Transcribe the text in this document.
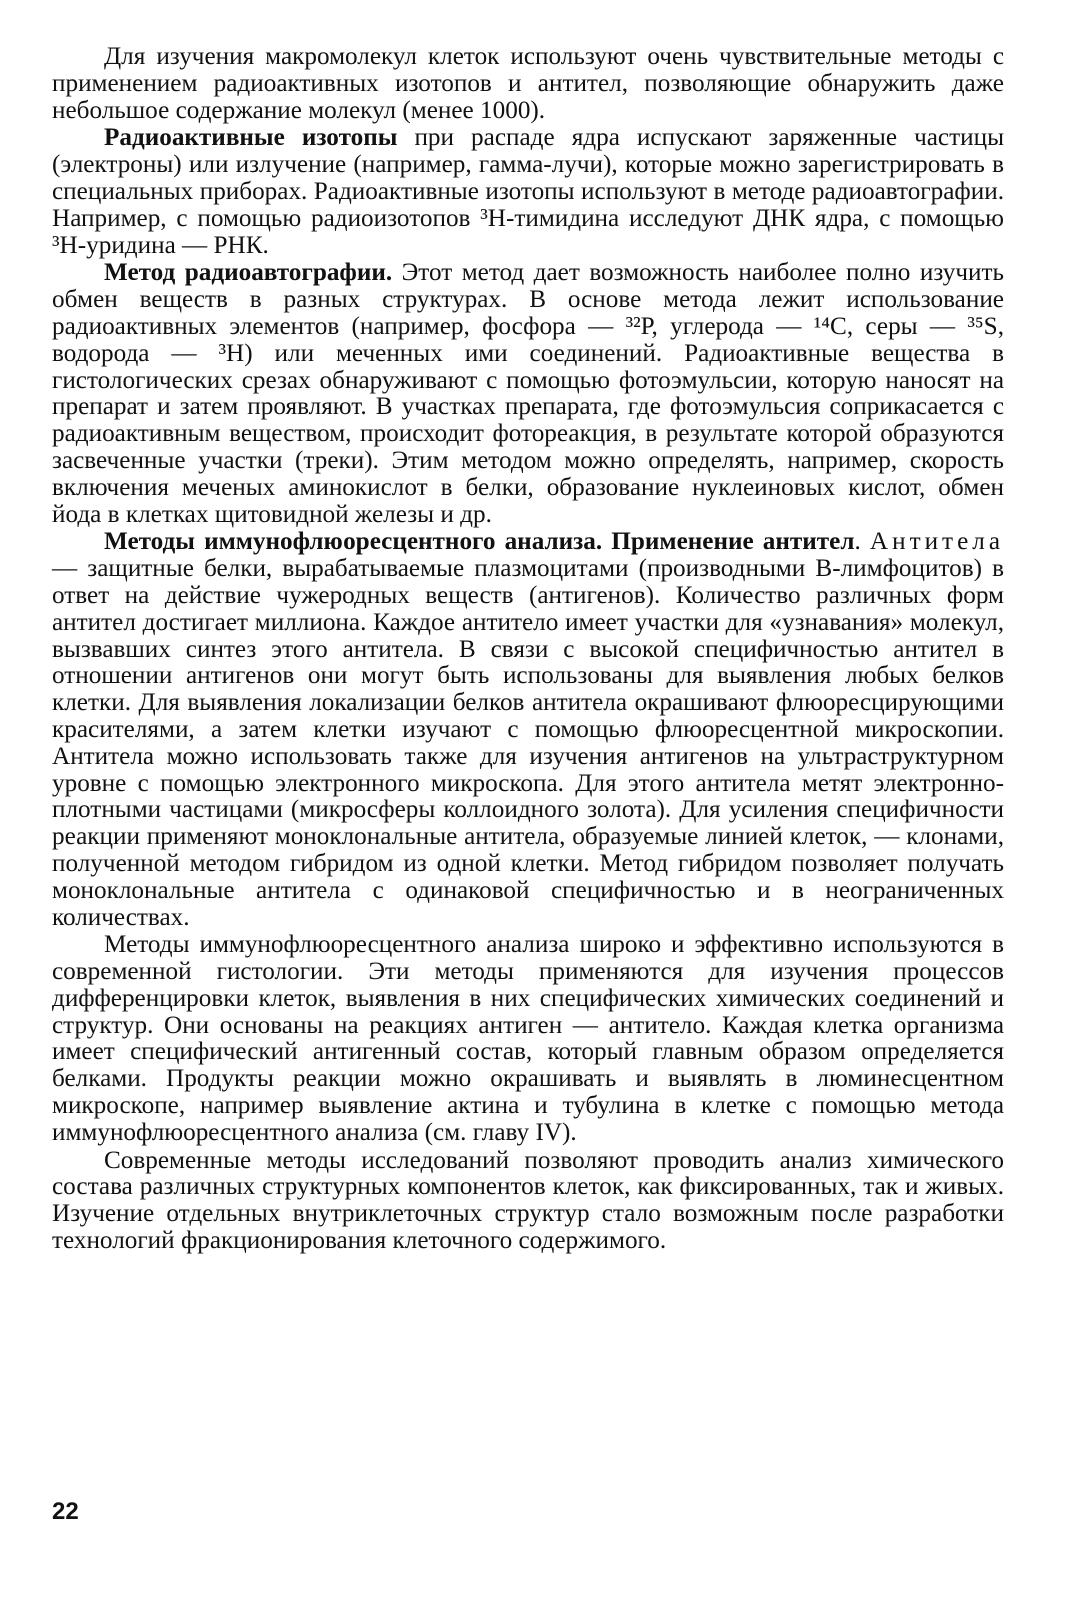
Для изучения макромолекул клеток используют очень чувствительные методы с применением радиоактивных изотопов и антител, позволяющие обнаружить даже небольшое содержание молекул (менее 1000).

Радиоактивные изотопы при распаде ядра испускают заряженные частицы (электроны) или излучение (например, гамма-лучи), которые можно зарегистрировать в специальных приборах. Радиоактивные изотопы используют в методе радиоавтографии. Например, с помощью радиоизотопов ³Н-тимидина исследуют ДНК ядра, с помощью ³Н-уридина — РНК.

Метод радиоавтографии. Этот метод дает возможность наиболее полно изучить обмен веществ в разных структурах. В основе метода лежит использование радиоактивных элементов (например, фосфора — ³²Р, углерода — ¹⁴С, серы — ³⁵S, водорода — ³Н) или меченных ими соединений. Радиоактивные вещества в гистологических срезах обнаруживают с помощью фотоэмульсии, которую наносят на препарат и затем проявляют. В участках препарата, где фотоэмульсия соприкасается с радиоактивным веществом, происходит фотореакция, в результате которой образуются засвеченные участки (треки). Этим методом можно определять, например, скорость включения меченых аминокислот в белки, образование нуклеиновых кислот, обмен йода в клетках щитовидной железы и др.

Методы иммунофлюоресцентного анализа. Применение антител. Антитела — защитные белки, вырабатываемые плазмоцитами (производными В-лимфоцитов) в ответ на действие чужеродных веществ (антигенов). Количество различных форм антител достигает миллиона. Каждое антитело имеет участки для «узнавания» молекул, вызвавших синтез этого антитела. В связи с высокой специфичностью антител в отношении антигенов они могут быть использованы для выявления любых белков клетки. Для выявления локализации белков антитела окрашивают флюоресцирующими красителями, а затем клетки изучают с помощью флюоресцентной микроскопии. Антитела можно использовать также для изучения антигенов на ультраструктурном уровне с помощью электронного микроскопа. Для этого антитела метят электронно-плотными частицами (микросферы коллоидного золота). Для усиления специфичности реакции применяют моноклональные антитела, образуемые линией клеток, — клонами, полученной методом гибридом из одной клетки. Метод гибридом позволяет получать моноклональные антитела с одинаковой специфичностью и в неограниченных количествах.

Методы иммунофлюоресцентного анализа широко и эффективно используются в современной гистологии. Эти методы применяются для изучения процессов дифференцировки клеток, выявления в них специфических химических соединений и структур. Они основаны на реакциях антиген — антитело. Каждая клетка организма имеет специфический антигенный состав, который главным образом определяется белками. Продукты реакции можно окрашивать и выявлять в люминесцентном микроскопе, например выявление актина и тубулина в клетке с помощью метода иммунофлюоресцентного анализа (см. главу IV).

Современные методы исследований позволяют проводить анализ химического состава различных структурных компонентов клеток, как фиксированных, так и живых. Изучение отдельных внутриклеточных структур стало возможным после разработки технологий фракционирования клеточного содержимого.

22
